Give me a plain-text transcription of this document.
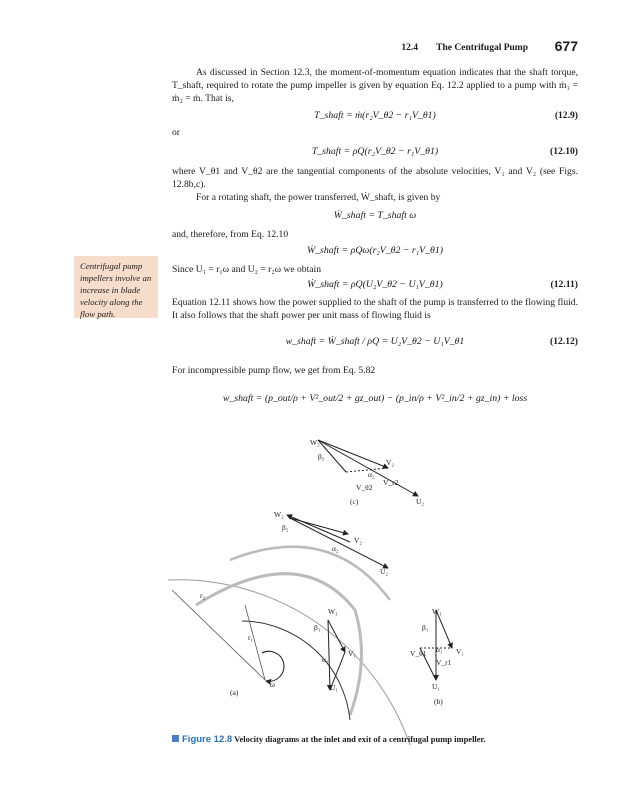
12.4 The Centrifugal Pump 677
As discussed in Section 12.3, the moment-of-momentum equation indicates that the shaft torque, T_shaft, required to rotate the pump impeller is given by equation Eq. 12.2 applied to a pump with ṁ₁ = ṁ₂ = ṁ. That is,
T_shaft = ṁ(r₂V_θ2 − r₁V_θ1)	(12.9)
or
T_shaft = ρQ(r₂V_θ2 − r₁V_θ1)	(12.10)
where V_θ1 and V_θ2 are the tangential components of the absolute velocities, V₁ and V₂ (see Figs. 12.8b,c).
For a rotating shaft, the power transferred, Ẇ_shaft, is given by
Ẇ_shaft = T_shaft ω
and, therefore, from Eq. 12.10
Ẇ_shaft = ρQω(r₂V_θ2 − r₁V_θ1)
Since U₁ = r₁ω and U₂ = r₂ω we obtain
Ẇ_shaft = ρQ(U₂V_θ2 − U₁V_θ1)	(12.11)
Equation 12.11 shows how the power supplied to the shaft of the pump is transferred to the flowing fluid. It also follows that the shaft power per unit mass of flowing fluid is
w_shaft = Ẇ_shaft / ρQ = U₂V_θ2 − U₁V_θ1	(12.12)
For incompressible pump flow, we get from Eq. 5.82
w_shaft = (p_out/ρ + V²_out/2 + gz_out) − (p_in/ρ + V²_in/2 + gz_in) + loss
Centrifugal pump impellers involve an increase in blade velocity along the flow path.
W₂
β₂
V₂
α₂
V_r2
V_θ2
U₂
(c)
W₂
β₂
V₂
α₂
U₂
r₂
r₁
ω
(a)
W₁
β₁
V₁
α₁
U₁
W₁
β₁
V₁
α₁
V_r1
V_θ1
U₁
(b)
Figure 12.8 Velocity diagrams at the inlet and exit of a centrifugal pump impeller.
